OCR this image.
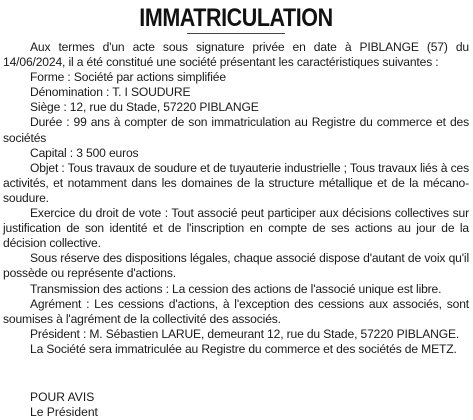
IMMATRICULATION

Aux termes d'un acte sous signature privée en date à PIBLANGE (57) du 14/06/2024, il a été constitué une société présentant les caractéristiques suivantes :

Forme : Société par actions simplifiée

Dénomination : T. I SOUDURE

Siège : 12, rue du Stade, 57220 PIBLANGE

Durée : 99 ans à compter de son immatriculation au Registre du commerce et des sociétés

Capital : 3 500 euros

Objet : Tous travaux de soudure et de tuyauterie industrielle ; Tous travaux liés à ces activités, et notamment dans les domaines de la structure métallique et de la mécano-soudure.

Exercice du droit de vote : Tout associé peut participer aux décisions collectives sur justification de son identité et de l'inscription en compte de ses actions au jour de la décision collective.

Sous réserve des dispositions légales, chaque associé dispose d'autant de voix qu'il possède ou représente d'actions.

Transmission des actions : La cession des actions de l'associé unique est libre.

Agrément : Les cessions d'actions, à l'exception des cessions aux associés, sont soumises à l'agrément de la collectivité des associés.

Président : M. Sébastien LARUE, demeurant 12, rue du Stade, 57220 PIBLANGE.

La Société sera immatriculée au Registre du commerce et des sociétés de METZ.

POUR AVIS
Le Président
